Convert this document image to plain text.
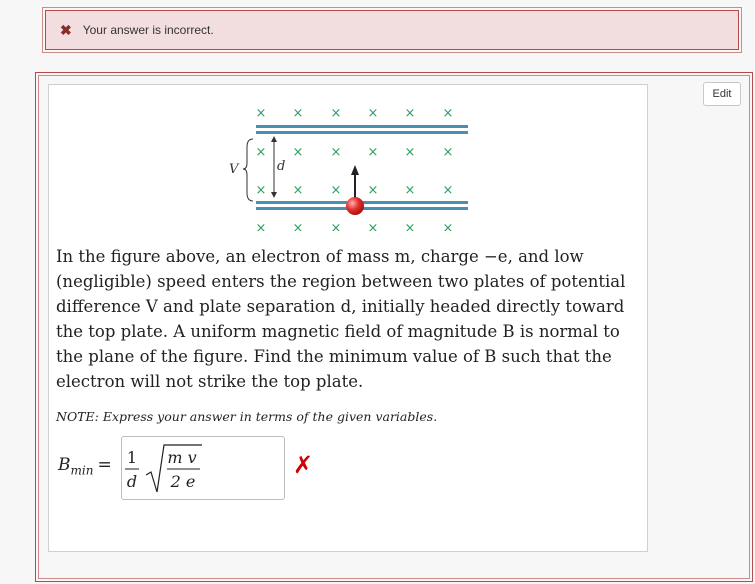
✖ Your answer is incorrect.
Edit
× × × × × ×
× × × × × ×
× × × × × ×
× × × × × ×
V	d

In the figure above, an electron of mass m, charge −e, and low (negligible) speed enters the region between two plates of potential difference V and plate separation d, initially headed directly toward the top plate. A uniform magnetic field of magnitude B is normal to the plane of the figure. Find the minimum value of B such that the electron will not strike the top plate.

NOTE: Express your answer in terms of the given variables.
$B_{min} = 1$
d
m v
2 e
✗
